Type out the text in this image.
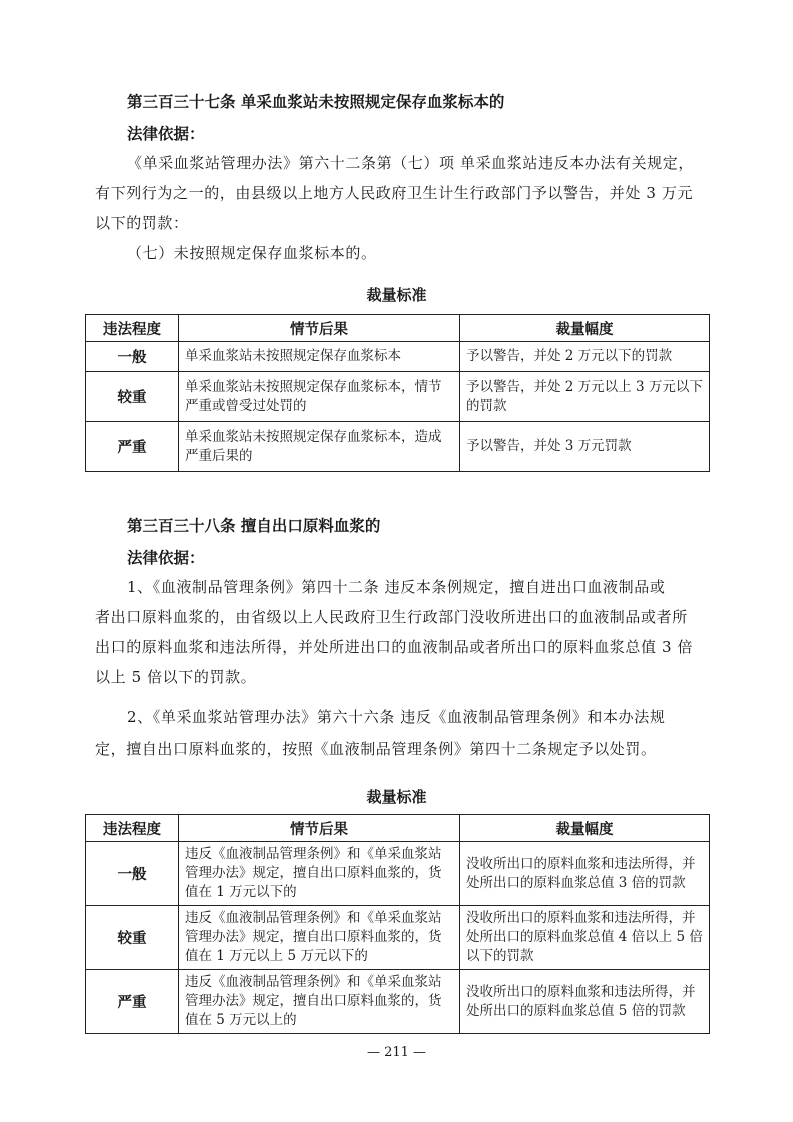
第三百三十七条 单采血浆站未按照规定保存血浆标本的
法律依据：
《单采血浆站管理办法》第六十二条第（七）项 单采血浆站违反本办法有关规定，
有下列行为之一的，由县级以上地方人民政府卫生计生行政部门予以警告，并处 3 万元
以下的罚款：
（七）未按照规定保存血浆标本的。
裁量标准
违法程度	情节后果	裁量幅度
一般	单采血浆站未按照规定保存血浆标本	予以警告，并处 2 万元以下的罚款
较重	单采血浆站未按照规定保存血浆标本，情节严重或曾受过处罚的	予以警告，并处 2 万元以上 3 万元以下的罚款
严重	单采血浆站未按照规定保存血浆标本，造成严重后果的	予以警告，并处 3 万元罚款
第三百三十八条 擅自出口原料血浆的
法律依据：
1、《血液制品管理条例》第四十二条 违反本条例规定，擅自进出口血液制品或
者出口原料血浆的，由省级以上人民政府卫生行政部门没收所进出口的血液制品或者所
出口的原料血浆和违法所得，并处所进出口的血液制品或者所出口的原料血浆总值 3 倍
以上 5 倍以下的罚款。
2、《单采血浆站管理办法》第六十六条 违反《血液制品管理条例》和本办法规
定，擅自出口原料血浆的，按照《血液制品管理条例》第四十二条规定予以处罚。
裁量标准
违法程度	情节后果	裁量幅度
一般	违反《血液制品管理条例》和《单采血浆站管理办法》规定，擅自出口原料血浆的，货值在 1 万元以下的	没收所出口的原料血浆和违法所得，并处所出口的原料血浆总值 3 倍的罚款
较重	违反《血液制品管理条例》和《单采血浆站管理办法》规定，擅自出口原料血浆的，货值在 1 万元以上 5 万元以下的	没收所出口的原料血浆和违法所得，并处所出口的原料血浆总值 4 倍以上 5 倍以下的罚款
严重	违反《血液制品管理条例》和《单采血浆站管理办法》规定，擅自出口原料血浆的，货值在 5 万元以上的	没收所出口的原料血浆和违法所得，并处所出口的原料血浆总值 5 倍的罚款
— 211 —
